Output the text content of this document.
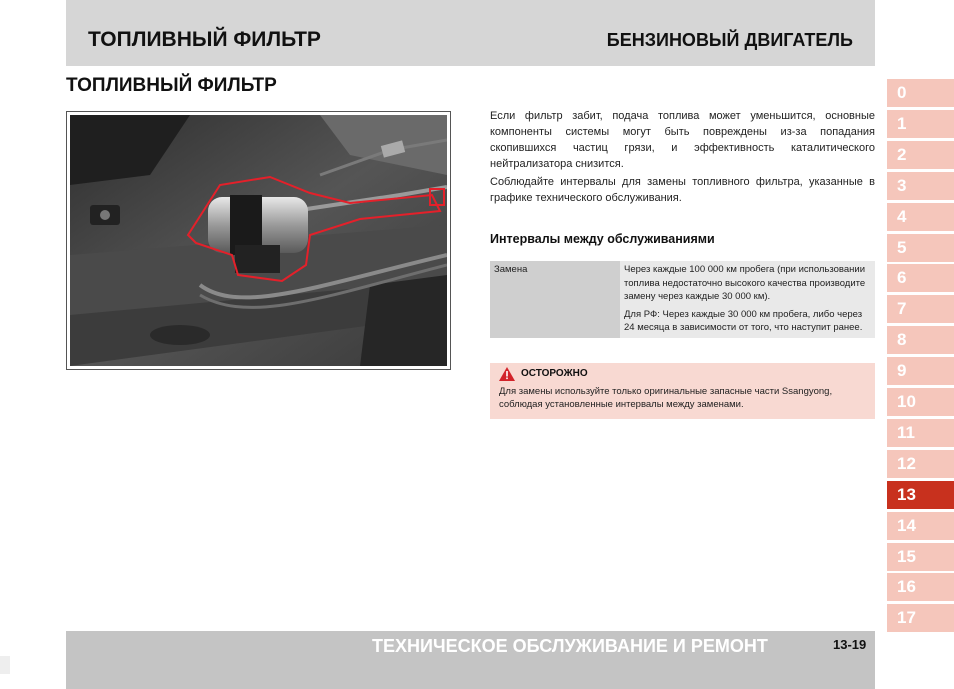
ТОПЛИВНЫЙ ФИЛЬТР	БЕНЗИНОВЫЙ ДВИГАТЕЛЬ
ТОПЛИВНЫЙ ФИЛЬТР

Если фильтр забит, подача топлива может уменьшится, основные компоненты системы могут быть повреждены из-за попадания скопившихся частиц грязи, и эффективность каталитического нейтрализатора снизится.

Соблюдайте интервалы для замены топливного фильтра, указанные в графике технического обслуживания.

Интервалы между обслуживаниями
Замена	Через каждые 100 000 км пробега (при использовании топлива недостаточно высокого качества производите замену через каждые 30 000 км).

Для РФ: Через каждые 30 000 км пробега, либо через 24 месяца в зависимости от того, что наступит ранее.

ОСТОРОЖНО
Для замены используйте только оригинальные запасные части Ssangyong, соблюдая установленные интервалы между заменами.
0
1
2
3
4
5
6
7
8
9
10
11
12
13
14
15
16
17
ТЕХНИЧЕСКОЕ ОБСЛУЖИВАНИЕ И РЕМОНТ	13-19
